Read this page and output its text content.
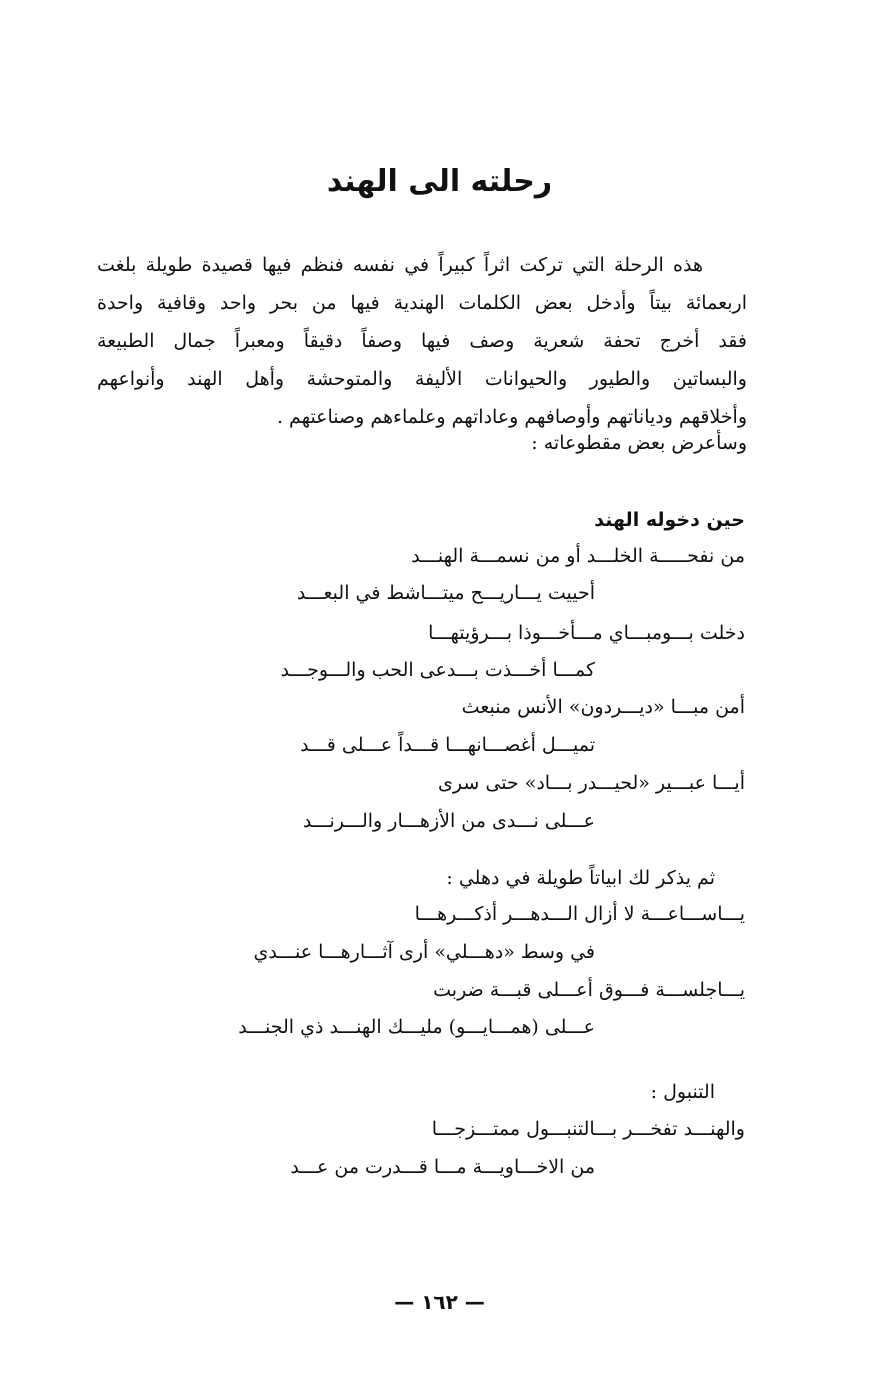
رحلته الى الهند
هذه الرحلة التي تركت اثراً كبيراً في نفسه فنظم فيها قصيدة طويلة بلغت
اربعمائة بيتاً وأدخل بعض الكلمات الهندية فيها من بحر واحد وقافية واحدة
فقد أخرج تحفة شعرية وصف فيها وصفاً دقيقاً ومعبراً جمال الطبيعة
والبساتين والطيور والحيوانات الأليفة والمتوحشة وأهل الهند وأنواعهم
وأخلاقهم ودياناتهم وأوصافهم وعاداتهم وعلماءهم وصناعتهم .
وسأعرض بعض مقطوعاته :
حين دخوله الهند
من نفحـــــة الخلـــد أو من نسمـــة الهنـــد
أحييت يـــاريـــح ميتـــاشط في البعـــد
دخلت بـــومبـــاي مـــأخـــوذا بـــرؤيتهـــا
كمـــا أخـــذت بـــدعى الحب والـــوجـــد
أمن مبـــا «ديـــردون» الأنس منبعث
تميـــل أغصـــانهـــا قـــداً عـــلى قـــد
أيـــا عبـــير «لحيـــدر بـــاد» حتى سرى
عـــلى نـــدى من الأزهـــار والـــرنـــد
ثم يذكر لك ابياتاً طويلة في دهلي :
يـــاســـاعـــة لا أزال الـــدهـــر أذكـــرهـــا
في وسط «دهـــلي» أرى آثـــارهـــا عنـــدي
يـــاجلســـة فـــوق أعـــلى قبـــة ضربت
عـــلى (همـــايـــو) مليـــك الهنـــد ذي الجنـــد
التنبول :
والهنـــد تفخـــر بـــالتنبـــول ممتـــزجـــا
من الاخـــاويـــة مـــا قـــدرت من عـــد
— ١٦٢ —
